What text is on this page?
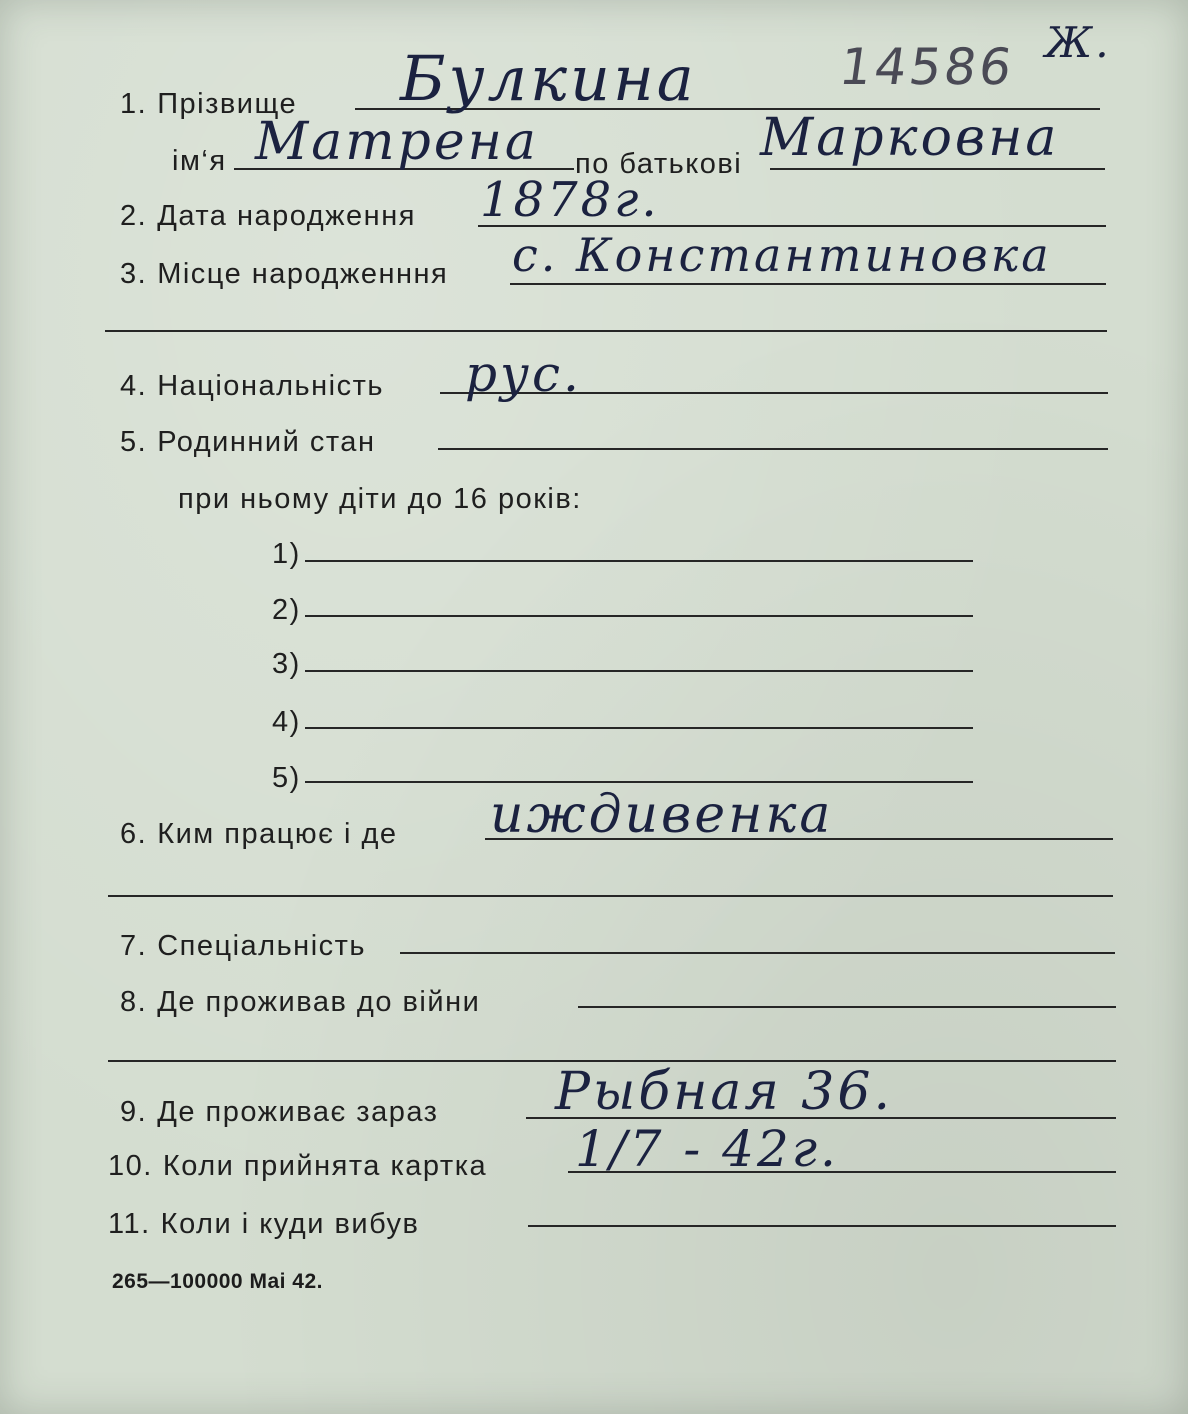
1. Прізвище Булкина	14586 Ж.
ім‘я Матрена по батькові Марковна
2. Дата народження 1878г.
3. Місце народженння с. Константиновка
4. Національність рус.
5. Родинний стан
при ньому діти до 16 років:
1)
2)
3)
4)
5)
6. Ким працює і де иждивенка
7. Спеціальність
8. Де проживав до війни
9. Де проживає зараз Рыбная 36.
10. Коли прийнята картка 1/7 - 42г.
11. Коли і куди вибув
265—100000 Mai 42.
